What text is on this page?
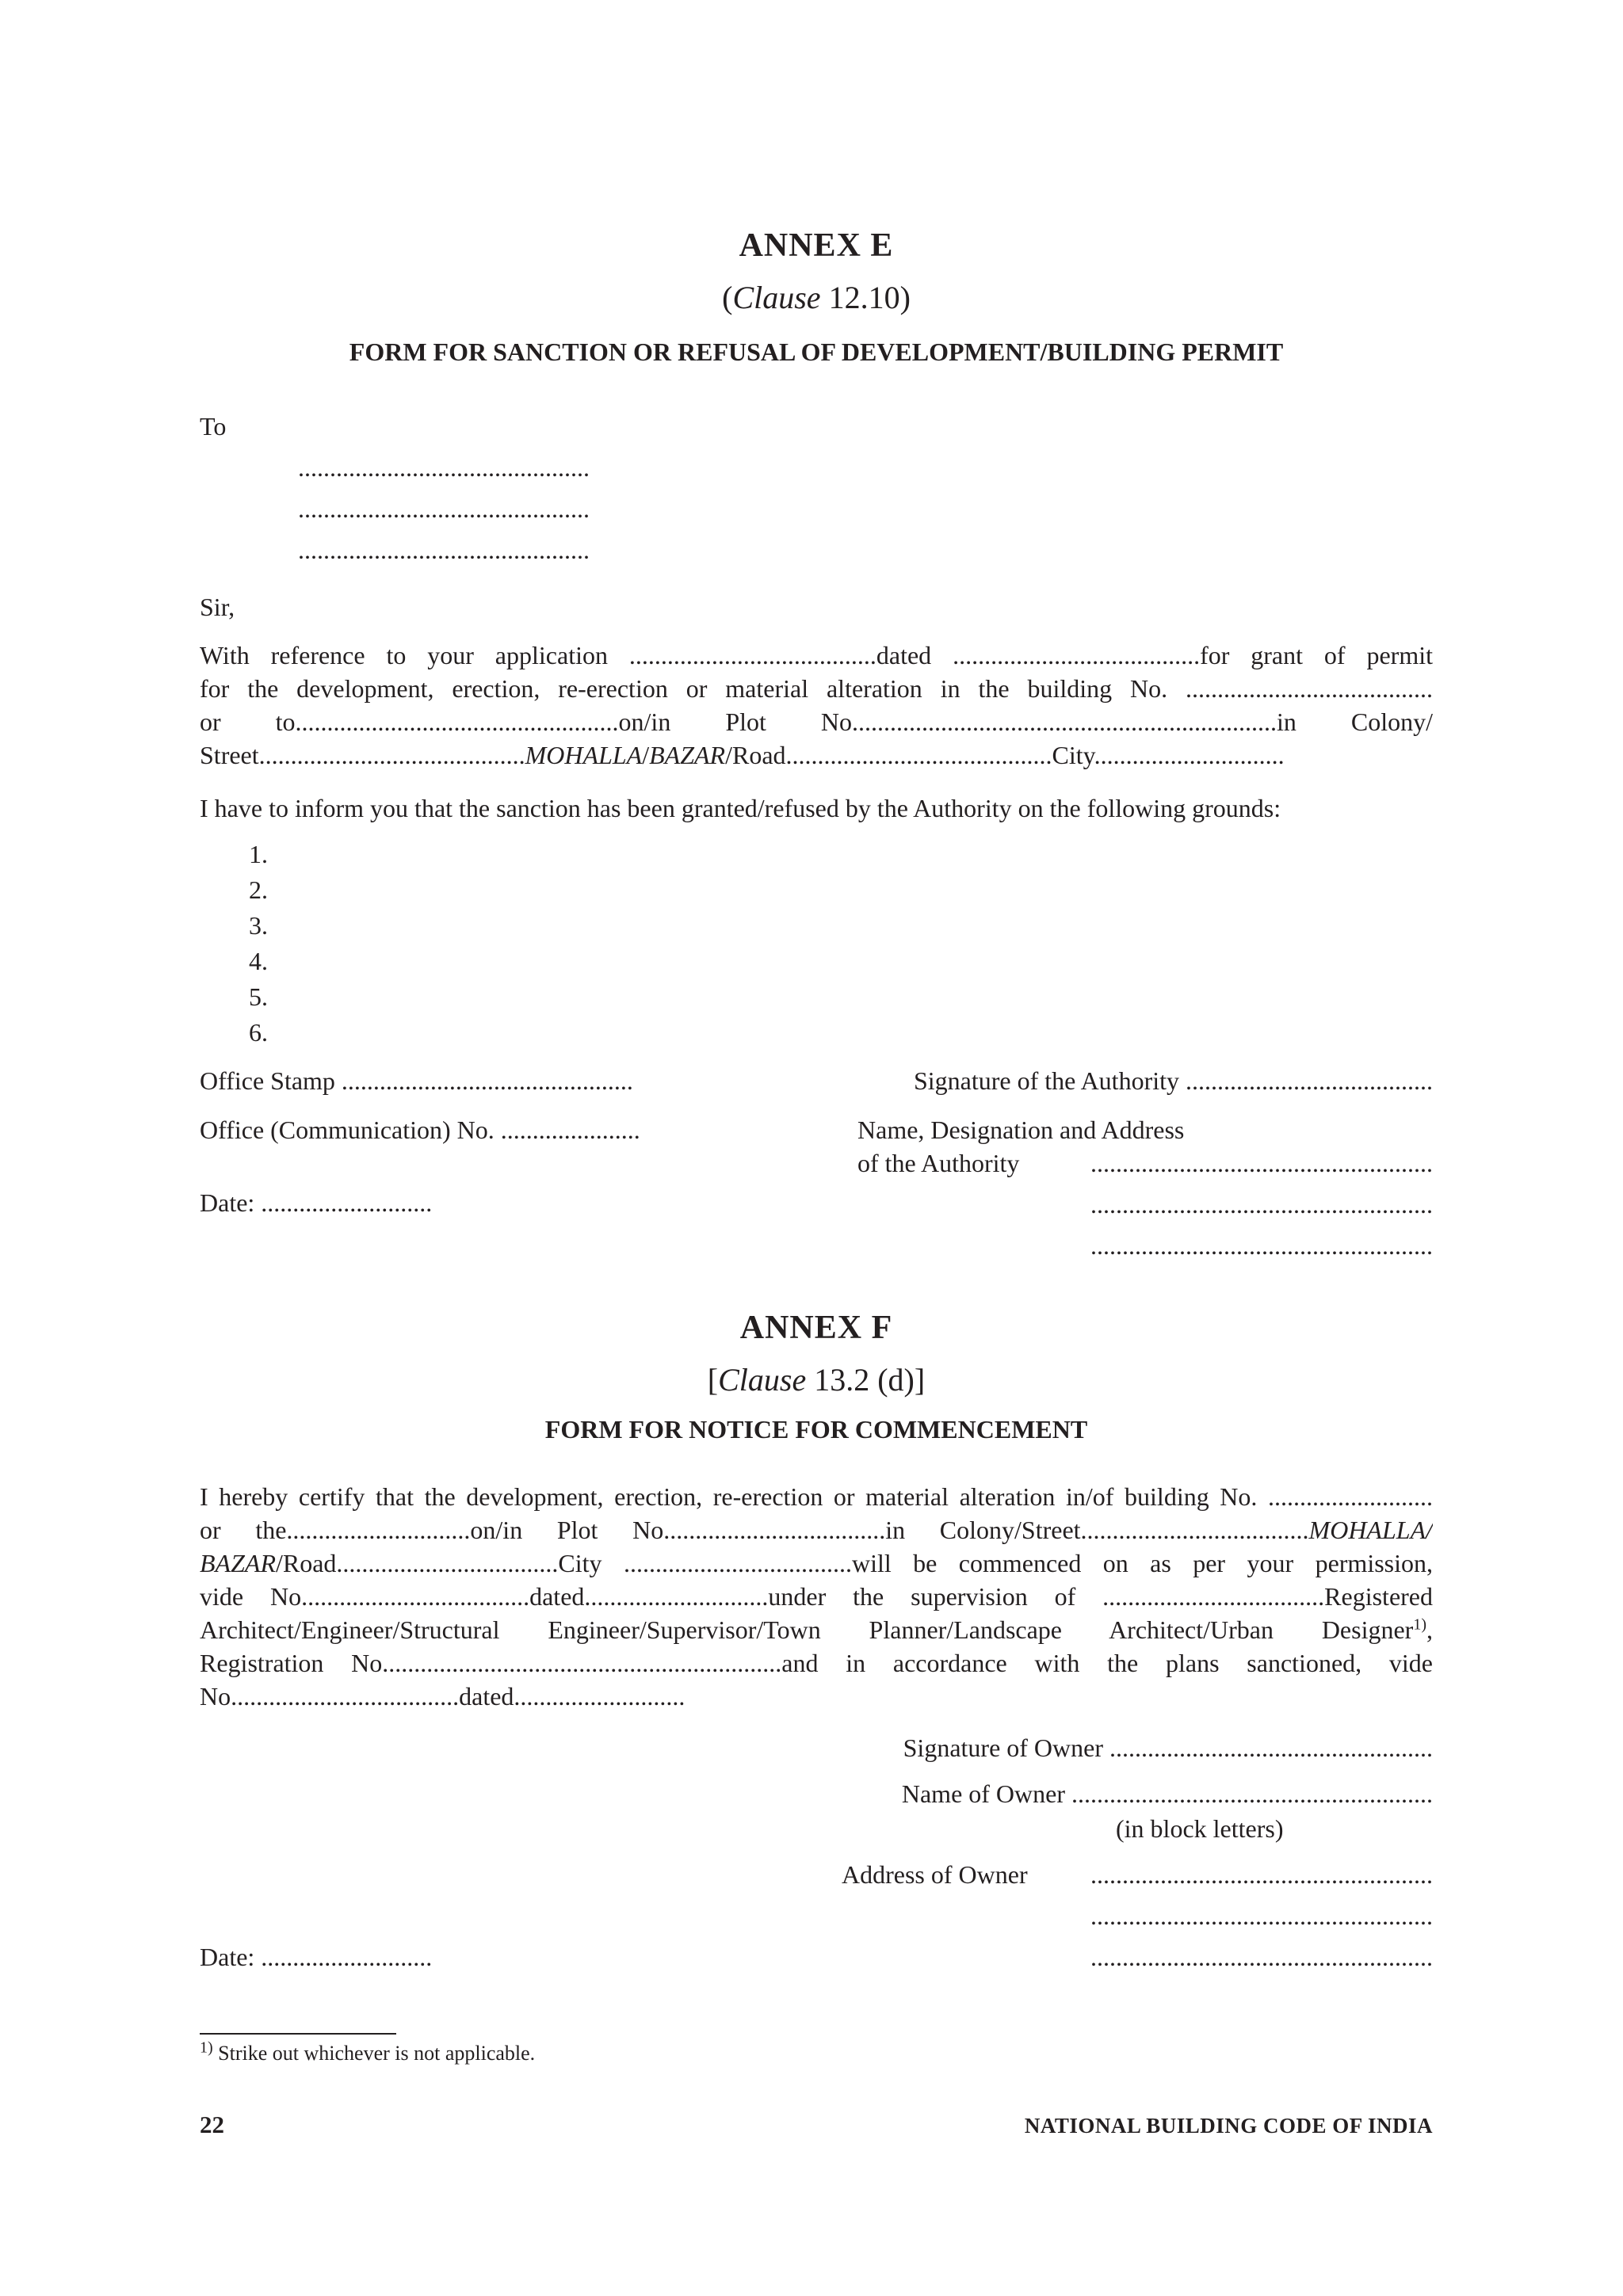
ANNEX E
(Clause 12.10)
FORM FOR SANCTION OR REFUSAL OF DEVELOPMENT/BUILDING PERMIT
To
..............................................
..............................................
..............................................
Sir,
With reference to your application .......................................dated .......................................for grant of permit
for the development, erection, re-erection or material alteration in the building No. .......................................
or to...................................................on/in Plot No...................................................................in Colony/
Street..........................................MOHALLA/BAZAR/Road..........................................City..............................
I have to inform you that the sanction has been granted/refused by the Authority on the following grounds:
1.
2.
3.
4.
5.
6.
Office Stamp ..............................................
Office (Communication) No. ......................
Date: ...........................
Signature of the Authority .......................................
Name, Designation and Address
of the Authority	......................................................
......................................................
......................................................
ANNEX F
[Clause 13.2 (d)]
FORM FOR NOTICE FOR COMMENCEMENT
I hereby certify that the development, erection, re-erection or material alteration in/of building No. ..........................
or the.............................on/in Plot No...................................in Colony/Street....................................MOHALLA/
BAZAR/Road...................................City ....................................will be commenced on as per your permission,
vide No....................................dated.............................under the supervision of ...................................Registered
Architect/Engineer/Structural Engineer/Supervisor/Town Planner/Landscape Architect/Urban Designer$^{1)}$,
Registration No...............................................................and in accordance with the plans sanctioned, vide
No....................................dated...........................
Signature of Owner ...................................................
Name of Owner .........................................................
(in block letters)
Address of Owner ......................................................
......................................................
......................................................
Date: ...........................
$^{1)}$ Strike out whichever is not applicable.
22	NATIONAL BUILDING CODE OF INDIA
